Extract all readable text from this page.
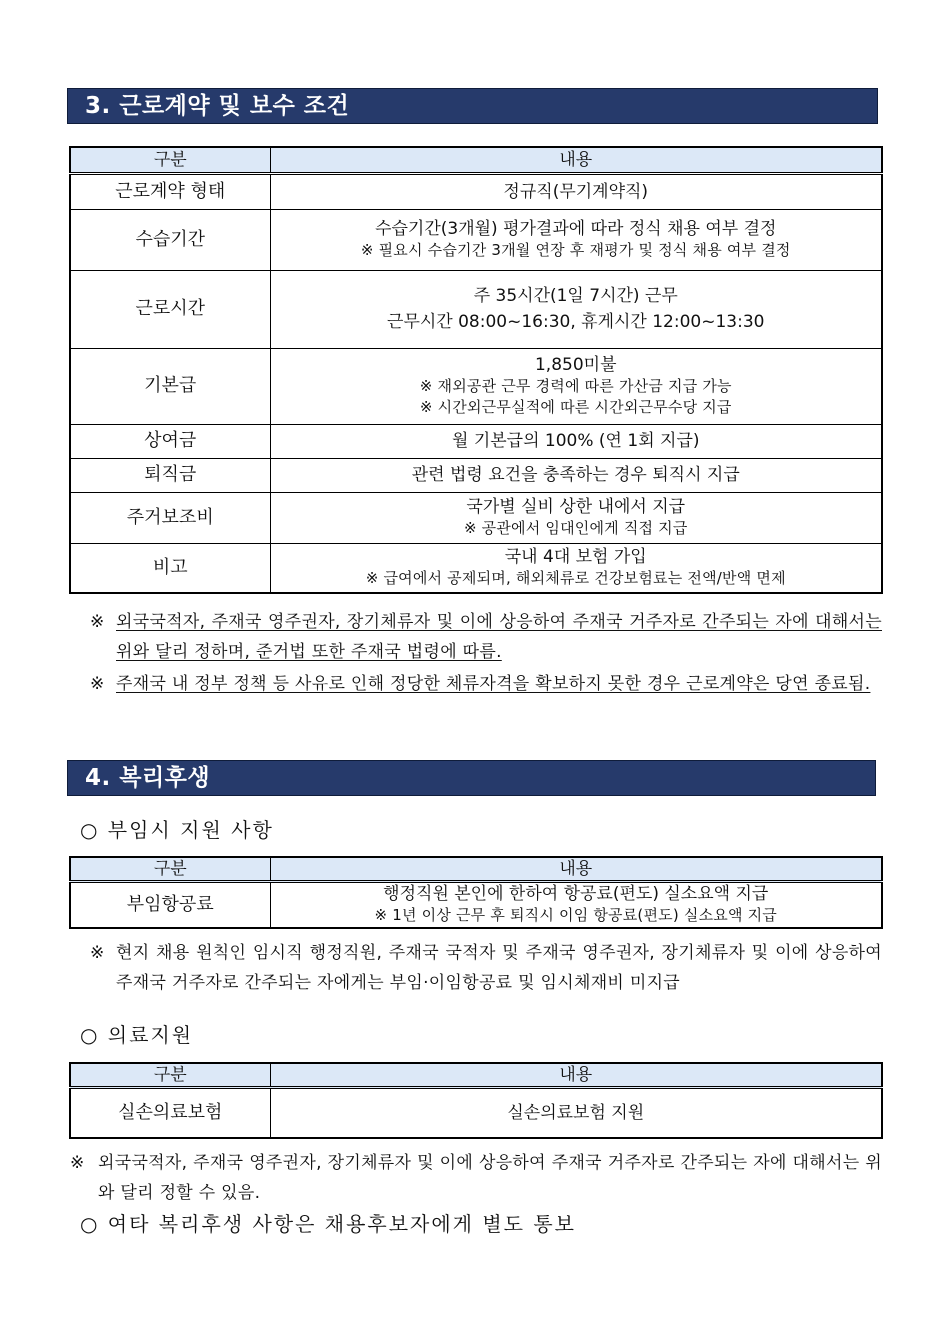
3. 근로계약 및 보수 조건
구분	내용
근로계약 형태	정규직(무기계약직)

수습기간	수습기간(3개월) 평가결과에 따라 정식 채용 여부 결정
※ 필요시 수습기간 3개월 연장 후 재평가 및 정식 채용 여부 결정

근로시간	주 35시간(1일 7시간) 근무
근무시간 08:00~16:30, 휴게시간 12:00~13:30

기본급	1,850미불
※ 재외공관 근무 경력에 따른 가산금 지급 가능
※ 시간외근무실적에 따른 시간외근무수당 지급

상여금	월 기본급의 100% (연 1회 지급)

퇴직금	관련 법령 요건을 충족하는 경우 퇴직시 지급

주거보조비	국가별 실비 상한 내에서 지급
※ 공관에서 임대인에게 직접 지급

비고	국내 4대 보험 가입
※ 급여에서 공제되며, 해외체류로 건강보험료는 전액/반액 면제
※ 외국국적자, 주재국 영주권자, 장기체류자 및 이에 상응하여 주재국 거주자로 간주되는 자에 대해서는 위와 달리 정하며, 준거법 또한 주재국 법령에 따름.
※ 주재국 내 정부 정책 등 사유로 인해 정당한 체류자격을 확보하지 못한 경우 근로계약은 당연 종료됨.
4. 복리후생
○ 부임시 지원 사항
구분	내용
부임항공료	행정직원 본인에 한하여 항공료(편도) 실소요액 지급
※ 1년 이상 근무 후 퇴직시 이임 항공료(편도) 실소요액 지급
※ 현지 채용 원칙인 임시직 행정직원, 주재국 국적자 및 주재국 영주권자, 장기체류자 및 이에 상응하여 주재국 거주자로 간주되는 자에게는 부임·이임항공료 및 임시체재비 미지급
○ 의료지원
구분	내용
실손의료보험	실손의료보험 지원
※ 외국국적자, 주재국 영주권자, 장기체류자 및 이에 상응하여 주재국 거주자로 간주되는 자에 대해서는 위와 달리 정할 수 있음.
○ 여타 복리후생 사항은 채용후보자에게 별도 통보
